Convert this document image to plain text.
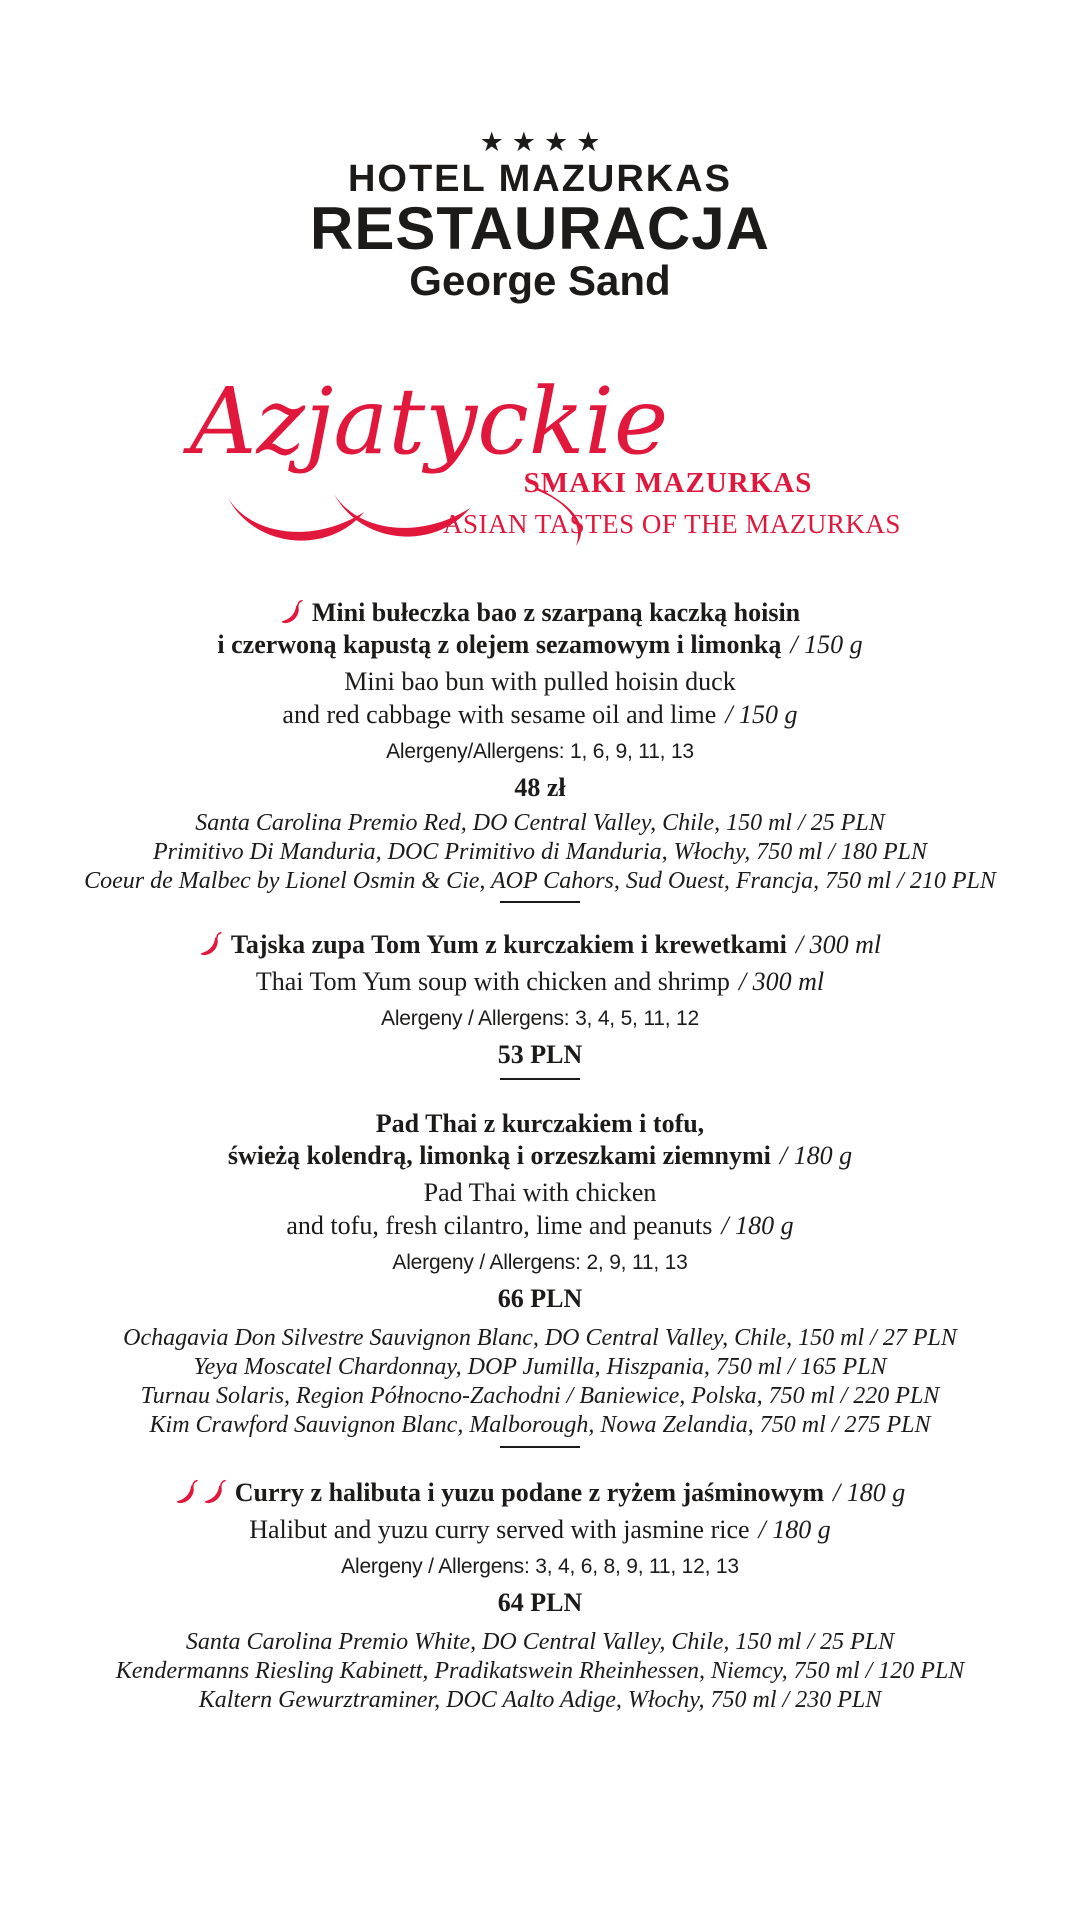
★★★★
HOTEL MAZURKAS
RESTAURACJA
George Sand
Azjatyckie
SMAKI MAZURKAS
ASIAN TASTES OF THE MAZURKAS
Mini bułeczka bao z szarpaną kaczką hoisin
i czerwoną kapustą z olejem sezamowym i limonką / 150 g
Mini bao bun with pulled hoisin duck
and red cabbage with sesame oil and lime / 150 g
Alergeny/Allergens: 1, 6, 9, 11, 13
48 zł
Santa Carolina Premio Red, DO Central Valley, Chile, 150 ml / 25 PLN
Primitivo Di Manduria, DOC Primitivo di Manduria, Włochy, 750 ml / 180 PLN
Coeur de Malbec by Lionel Osmin & Cie, AOP Cahors, Sud Ouest, Francja, 750 ml / 210 PLN
Tajska zupa Tom Yum z kurczakiem i krewetkami / 300 ml
Thai Tom Yum soup with chicken and shrimp / 300 ml
Alergeny / Allergens: 3, 4, 5, 11, 12
53 PLN
Pad Thai z kurczakiem i tofu,
świeżą kolendrą, limonką i orzeszkami ziemnymi / 180 g
Pad Thai with chicken
and tofu, fresh cilantro, lime and peanuts / 180 g
Alergeny / Allergens: 2, 9, 11, 13
66 PLN
Ochagavia Don Silvestre Sauvignon Blanc, DO Central Valley, Chile, 150 ml / 27 PLN
Yeya Moscatel Chardonnay, DOP Jumilla, Hiszpania, 750 ml / 165 PLN
Turnau Solaris, Region Północno-Zachodni / Baniewice, Polska, 750 ml / 220 PLN
Kim Crawford Sauvignon Blanc, Malborough, Nowa Zelandia, 750 ml / 275 PLN
Curry z halibuta i yuzu podane z ryżem jaśminowym / 180 g
Halibut and yuzu curry served with jasmine rice / 180 g
Alergeny / Allergens: 3, 4, 6, 8, 9, 11, 12, 13
64 PLN
Santa Carolina Premio White, DO Central Valley, Chile, 150 ml / 25 PLN
Kendermanns Riesling Kabinett, Pradikatswein Rheinhessen, Niemcy, 750 ml / 120 PLN
Kaltern Gewurztraminer, DOC Aalto Adige, Włochy, 750 ml / 230 PLN
